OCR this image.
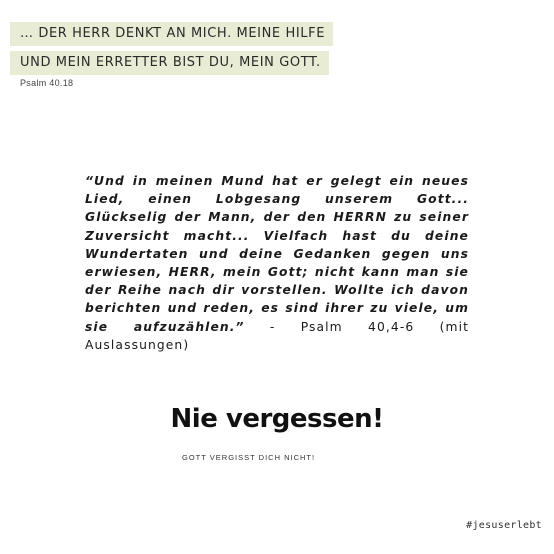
… DER HERR DENKT AN MICH. MEINE HILFE
UND MEIN ERRETTER BIST DU, MEIN GOTT.
Psalm 40.18
“Und in meinen Mund hat er gelegt ein neues Lied, einen Lobgesang unserem Gott... Glückselig der Mann, der den HERRN zu seiner Zuversicht macht... Vielfach hast du deine Wundertaten und deine Gedanken gegen uns erwiesen, HERR, mein Gott; nicht kann man sie der Reihe nach dir vorstellen. Wollte ich davon berichten und reden, es sind ihrer zu viele, um sie aufzuzählen.” - Psalm 40,4-6 (mit Auslassungen)
Nie vergessen!
GOTT VERGISST DICH NICHT!
#jesuserlebt
